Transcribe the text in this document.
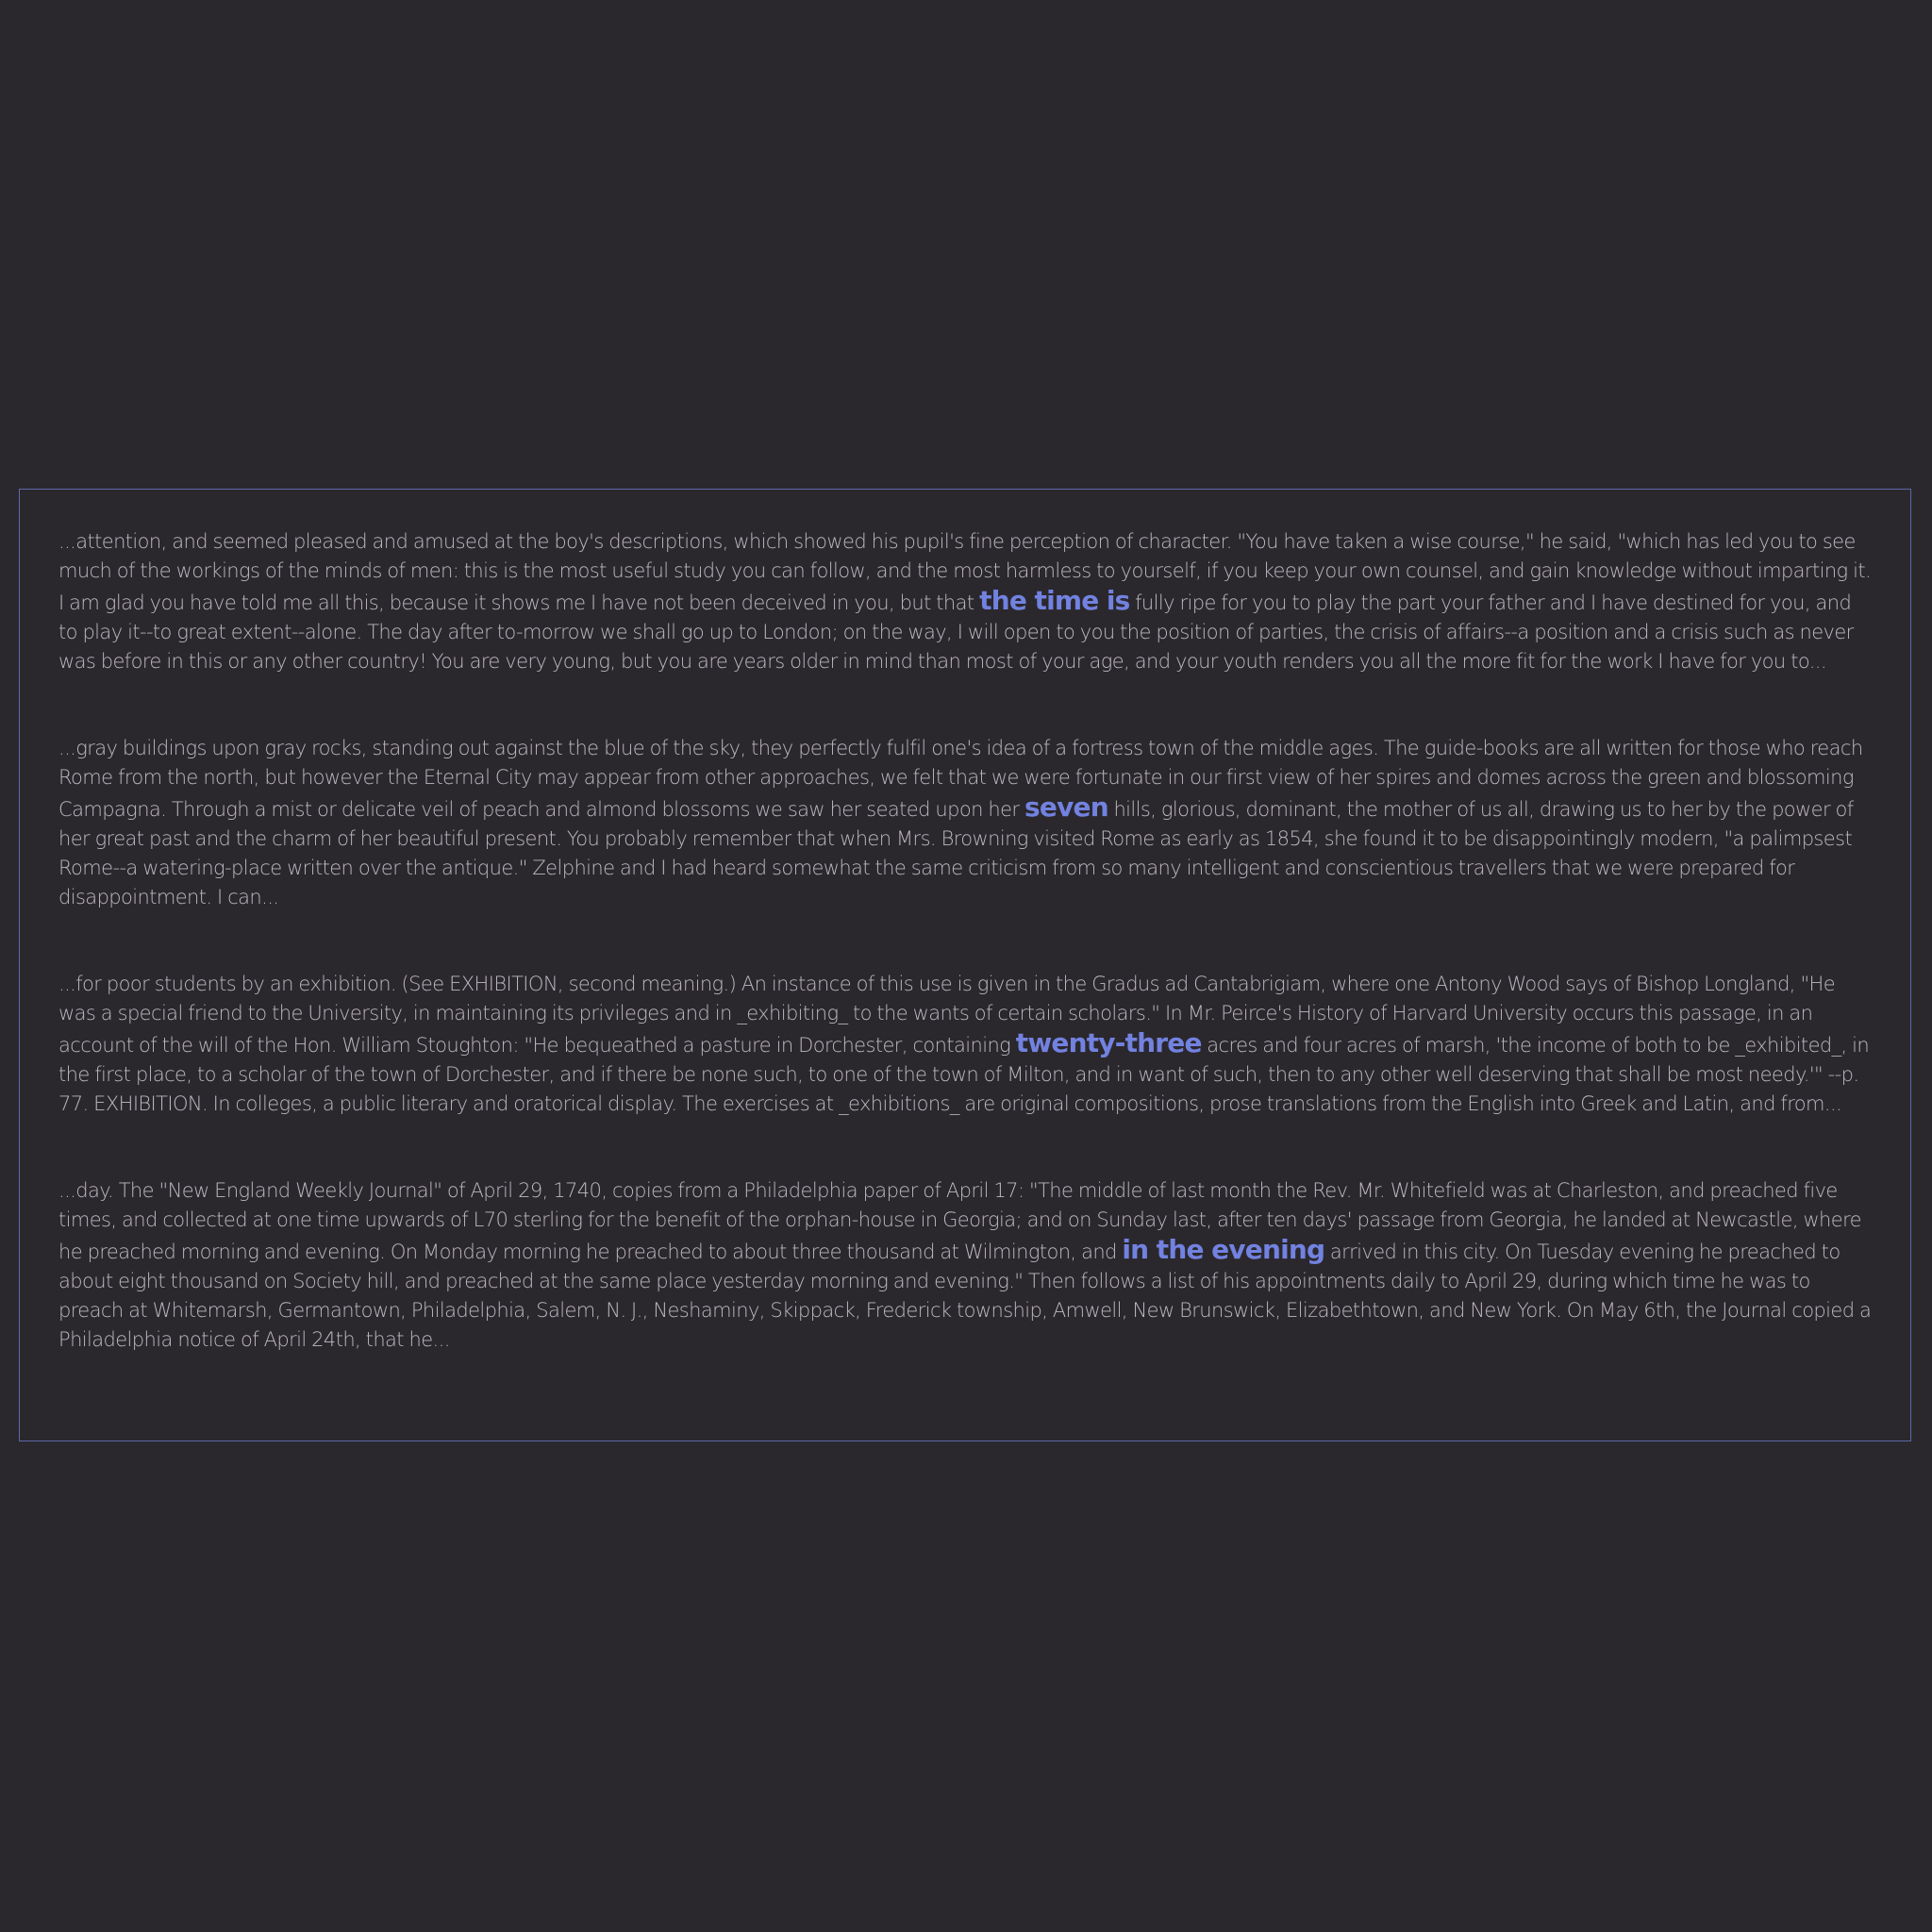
...attention, and seemed pleased and amused at the boy's descriptions, which showed his pupil's fine perception of character. "You have taken a wise course," he said, "which has led you to see much of the workings of the minds of men: this is the most useful study you can follow, and the most harmless to yourself, if you keep your own counsel, and gain knowledge without imparting it. I am glad you have told me all this, because it shows me I have not been deceived in you, but that the time is fully ripe for you to play the part your father and I have destined for you, and to play it--to great extent--alone. The day after to-morrow we shall go up to London; on the way, I will open to you the position of parties, the crisis of affairs--a position and a crisis such as never was before in this or any other country! You are very young, but you are years older in mind than most of your age, and your youth renders you all the more fit for the work I have for you to...

...gray buildings upon gray rocks, standing out against the blue of the sky, they perfectly fulfil one's idea of a fortress town of the middle ages. The guide-books are all written for those who reach Rome from the north, but however the Eternal City may appear from other approaches, we felt that we were fortunate in our first view of her spires and domes across the green and blossoming Campagna. Through a mist or delicate veil of peach and almond blossoms we saw her seated upon her seven hills, glorious, dominant, the mother of us all, drawing us to her by the power of her great past and the charm of her beautiful present. You probably remember that when Mrs. Browning visited Rome as early as 1854, she found it to be disappointingly modern, "a palimpsest Rome--a watering-place written over the antique." Zelphine and I had heard somewhat the same criticism from so many intelligent and conscientious travellers that we were prepared for disappointment. I can...

...for poor students by an exhibition. (See EXHIBITION, second meaning.) An instance of this use is given in the Gradus ad Cantabrigiam, where one Antony Wood says of Bishop Longland, "He was a special friend to the University, in maintaining its privileges and in _exhibiting_ to the wants of certain scholars." In Mr. Peirce's History of Harvard University occurs this passage, in an account of the will of the Hon. William Stoughton: "He bequeathed a pasture in Dorchester, containing twenty-three acres and four acres of marsh, 'the income of both to be _exhibited_, in the first place, to a scholar of the town of Dorchester, and if there be none such, to one of the town of Milton, and in want of such, then to any other well deserving that shall be most needy.'" --p. 77. EXHIBITION. In colleges, a public literary and oratorical display. The exercises at _exhibitions_ are original compositions, prose translations from the English into Greek and Latin, and from...

...day. The "New England Weekly Journal" of April 29, 1740, copies from a Philadelphia paper of April 17: "The middle of last month the Rev. Mr. Whitefield was at Charleston, and preached five times, and collected at one time upwards of L70 sterling for the benefit of the orphan-house in Georgia; and on Sunday last, after ten days' passage from Georgia, he landed at Newcastle, where he preached morning and evening. On Monday morning he preached to about three thousand at Wilmington, and in the evening arrived in this city. On Tuesday evening he preached to about eight thousand on Society hill, and preached at the same place yesterday morning and evening." Then follows a list of his appointments daily to April 29, during which time he was to preach at Whitemarsh, Germantown, Philadelphia, Salem, N. J., Neshaminy, Skippack, Frederick township, Amwell, New Brunswick, Elizabethtown, and New York. On May 6th, the Journal copied a Philadelphia notice of April 24th, that he...
